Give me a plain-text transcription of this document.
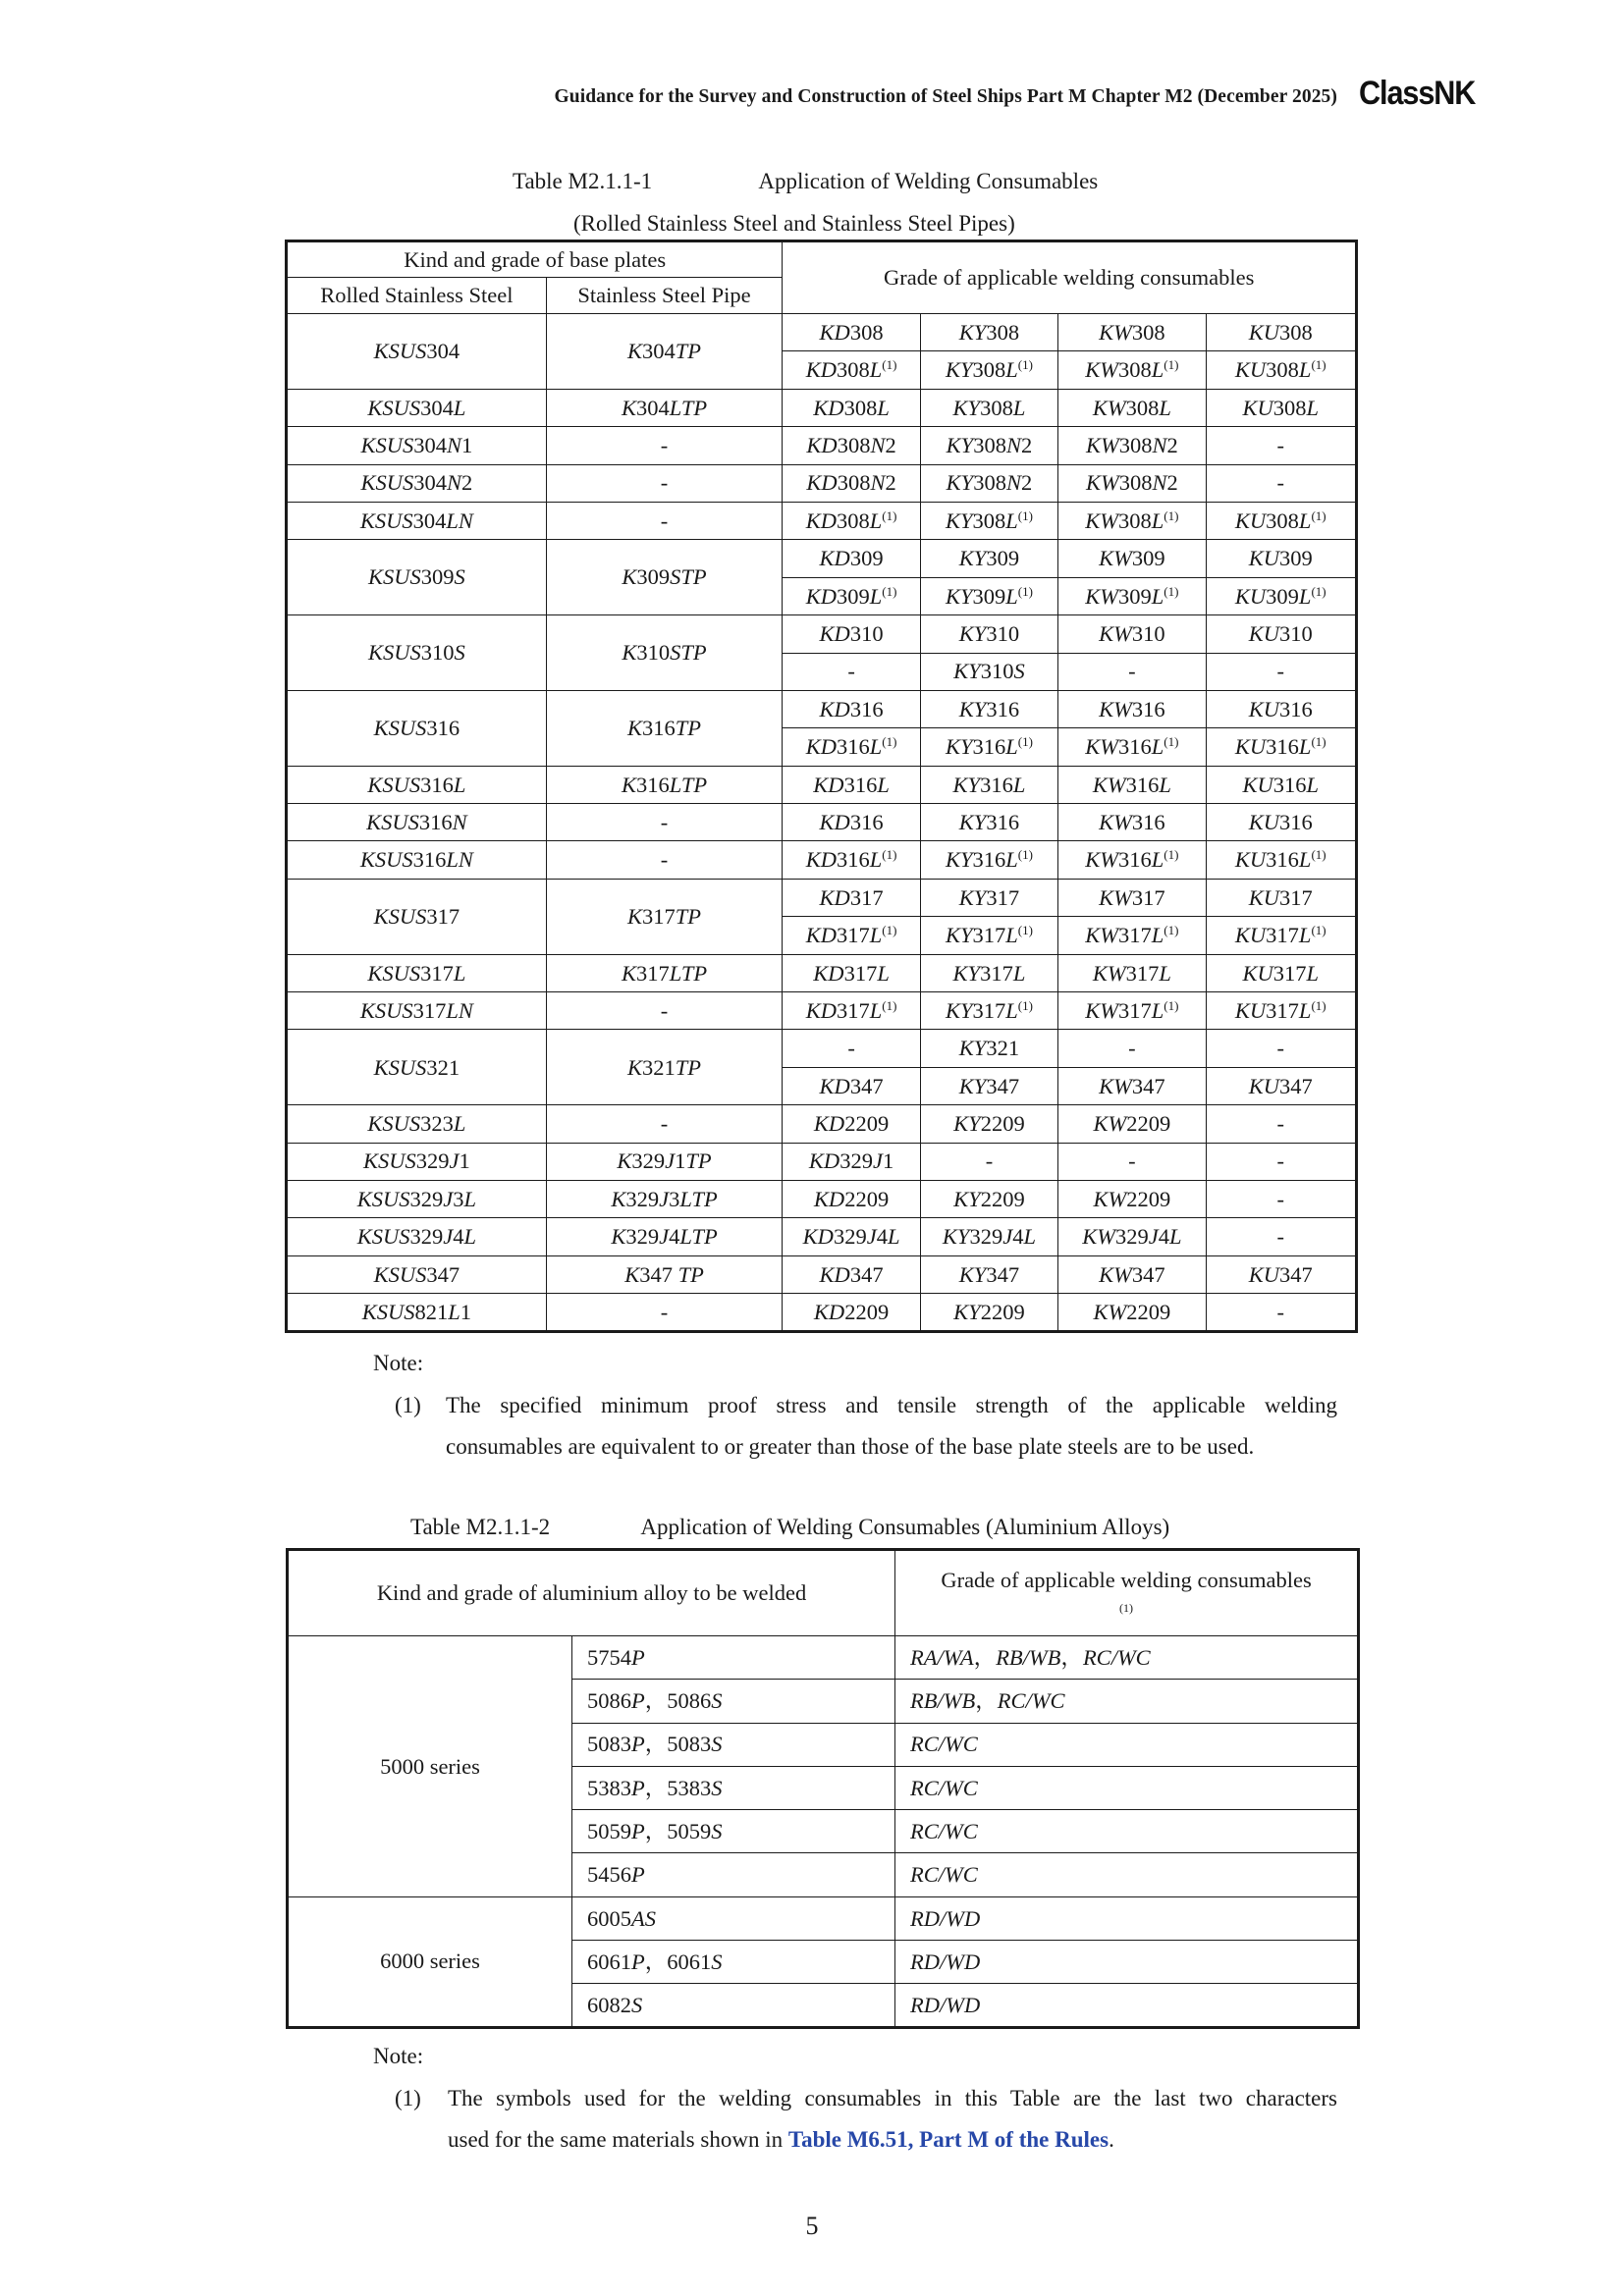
Guidance for the Survey and Construction of Steel Ships Part M Chapter M2 (December 2025) ClassNK
Table M2.1.1-1	Application of Welding Consumables
(Rolled Stainless Steel and Stainless Steel Pipes)
Kind and grade of base plates		Grade of applicable welding consumables			
Rolled Stainless Steel	Stainless Steel Pipe				
KSUS304	K304TP	KD308	KY308	KW308	KU308
		$KD308L^{(1)}$	$KY308L^{(1)}$	$KW308L^{(1)}$	$KU308L^{(1)}$
KSUS304L	K304LTP	KD308L	KY308L	KW308L	KU308L
KSUS304N1	-	KD308N2	KY308N2	KW308N2	-
KSUS304N2	-	KD308N2	KY308N2	KW308N2	-
KSUS304LN	-	$KD308L^{(1)}$	$KY308L^{(1)}$	$KW308L^{(1)}$	$KU308L^{(1)}$
KSUS309S	K309STP	KD309	KY309	KW309	KU309
		$KD309L^{(1)}$	$KY309L^{(1)}$	$KW309L^{(1)}$	$KU309L^{(1)}$
KSUS310S	K310STP	KD310	KY310	KW310	KU310
		-	KY310S	-	-
KSUS316	K316TP	KD316	KY316	KW316	KU316
		$KD316L^{(1)}$	$KY316L^{(1)}$	$KW316L^{(1)}$	$KU316L^{(1)}$
KSUS316L	K316LTP	KD316L	KY316L	KW316L	KU316L
KSUS316N	-	KD316	KY316	KW316	KU316
KSUS316LN	-	$KD316L^{(1)}$	$KY316L^{(1)}$	$KW316L^{(1)}$	$KU316L^{(1)}$
KSUS317	K317TP	KD317	KY317	KW317	KU317
		$KD317L^{(1)}$	$KY317L^{(1)}$	$KW317L^{(1)}$	$KU317L^{(1)}$
KSUS317L	K317LTP	KD317L	KY317L	KW317L	KU317L
KSUS317LN	-	$KD317L^{(1)}$	$KY317L^{(1)}$	$KW317L^{(1)}$	$KU317L^{(1)}$
KSUS321	K321TP	-	KY321	-	-
		KD347	KY347	KW347	KU347
KSUS323L	-	KD2209	KY2209	KW2209	-
KSUS329J1	K329J1TP	KD329J1	-	-	-
KSUS329J3L	K329J3LTP	KD2209	KY2209	KW2209	-
KSUS329J4L	K329J4LTP	KD329J4L	KY329J4L	KW329J4L	-
KSUS347	K347 TP	KD347	KY347	KW347	KU347
KSUS821L1	-	KD2209	KY2209	KW2209	-
Note:
(1) The specified minimum proof stress and tensile strength of the applicable welding
consumables are equivalent to or greater than those of the base plate steels are to be used.
Table M2.1.1-2	Application of Welding Consumables (Aluminium Alloys)
Kind and grade of aluminium alloy to be welded		Grade of applicable welding consumables
(1)
5000 series	5754P	RA/WA，RB/WB，RC/WC
	5086P，5086S	RB/WB，RC/WC
	5083P，5083S	RC/WC
	5383P，5383S	RC/WC
	5059P，5059S	RC/WC
	5456P	RC/WC
6000 series	6005AS	RD/WD
	6061P，6061S	RD/WD
	6082S	RD/WD
Note:
(1) The symbols used for the welding consumables in this Table are the last two characters
used for the same materials shown in Table M6.51, Part M of the Rules.
5
